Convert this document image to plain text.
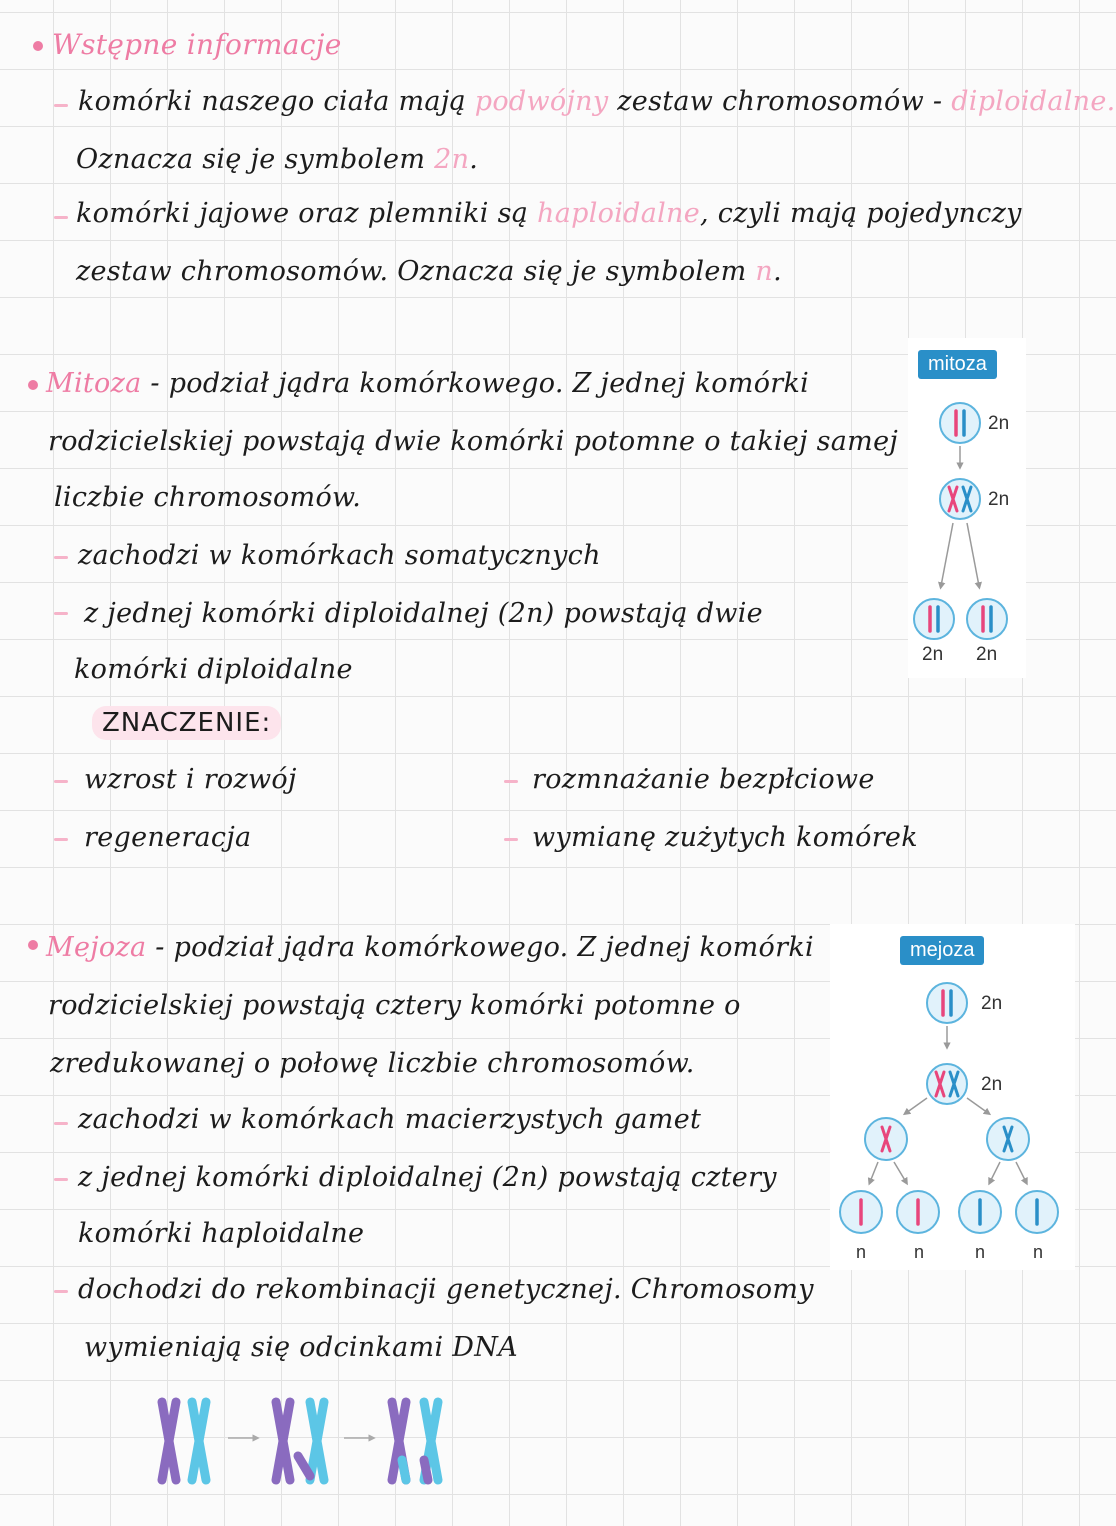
Wstępne informacje
komórki naszego ciała mają podwójny zestaw chromosomów - diploidalne.
Oznacza się je symbolem 2n.
komórki jajowe oraz plemniki są haploidalne, czyli mają pojedynczy
zestaw chromosomów. Oznacza się je symbolem n.
Mitoza - podział jądra komórkowego. Z jednej komórki
rodzicielskiej powstają dwie komórki potomne o takiej samej
liczbie chromosomów.
zachodzi w komórkach somatycznych
z jednej komórki diploidalnej (2n) powstają dwie
komórki diploidalne
ZNACZENIE:
wzrost i rozwój
regeneracja
rozmnażanie bezpłciowe
wymianę zużytych komórek
mitoza
2n
2n
2n 2n
Mejoza - podział jądra komórkowego. Z jednej komórki
rodzicielskiej powstają cztery komórki potomne o
zredukowanej o połowę liczbie chromosomów.
zachodzi w komórkach macierzystych gamet
z jednej komórki diploidalnej (2n) powstają cztery
komórki haploidalne
dochodzi do rekombinacji genetycznej. Chromosomy
wymieniają się odcinkami DNA
mejoza
2n
2n
n	n	n	n
